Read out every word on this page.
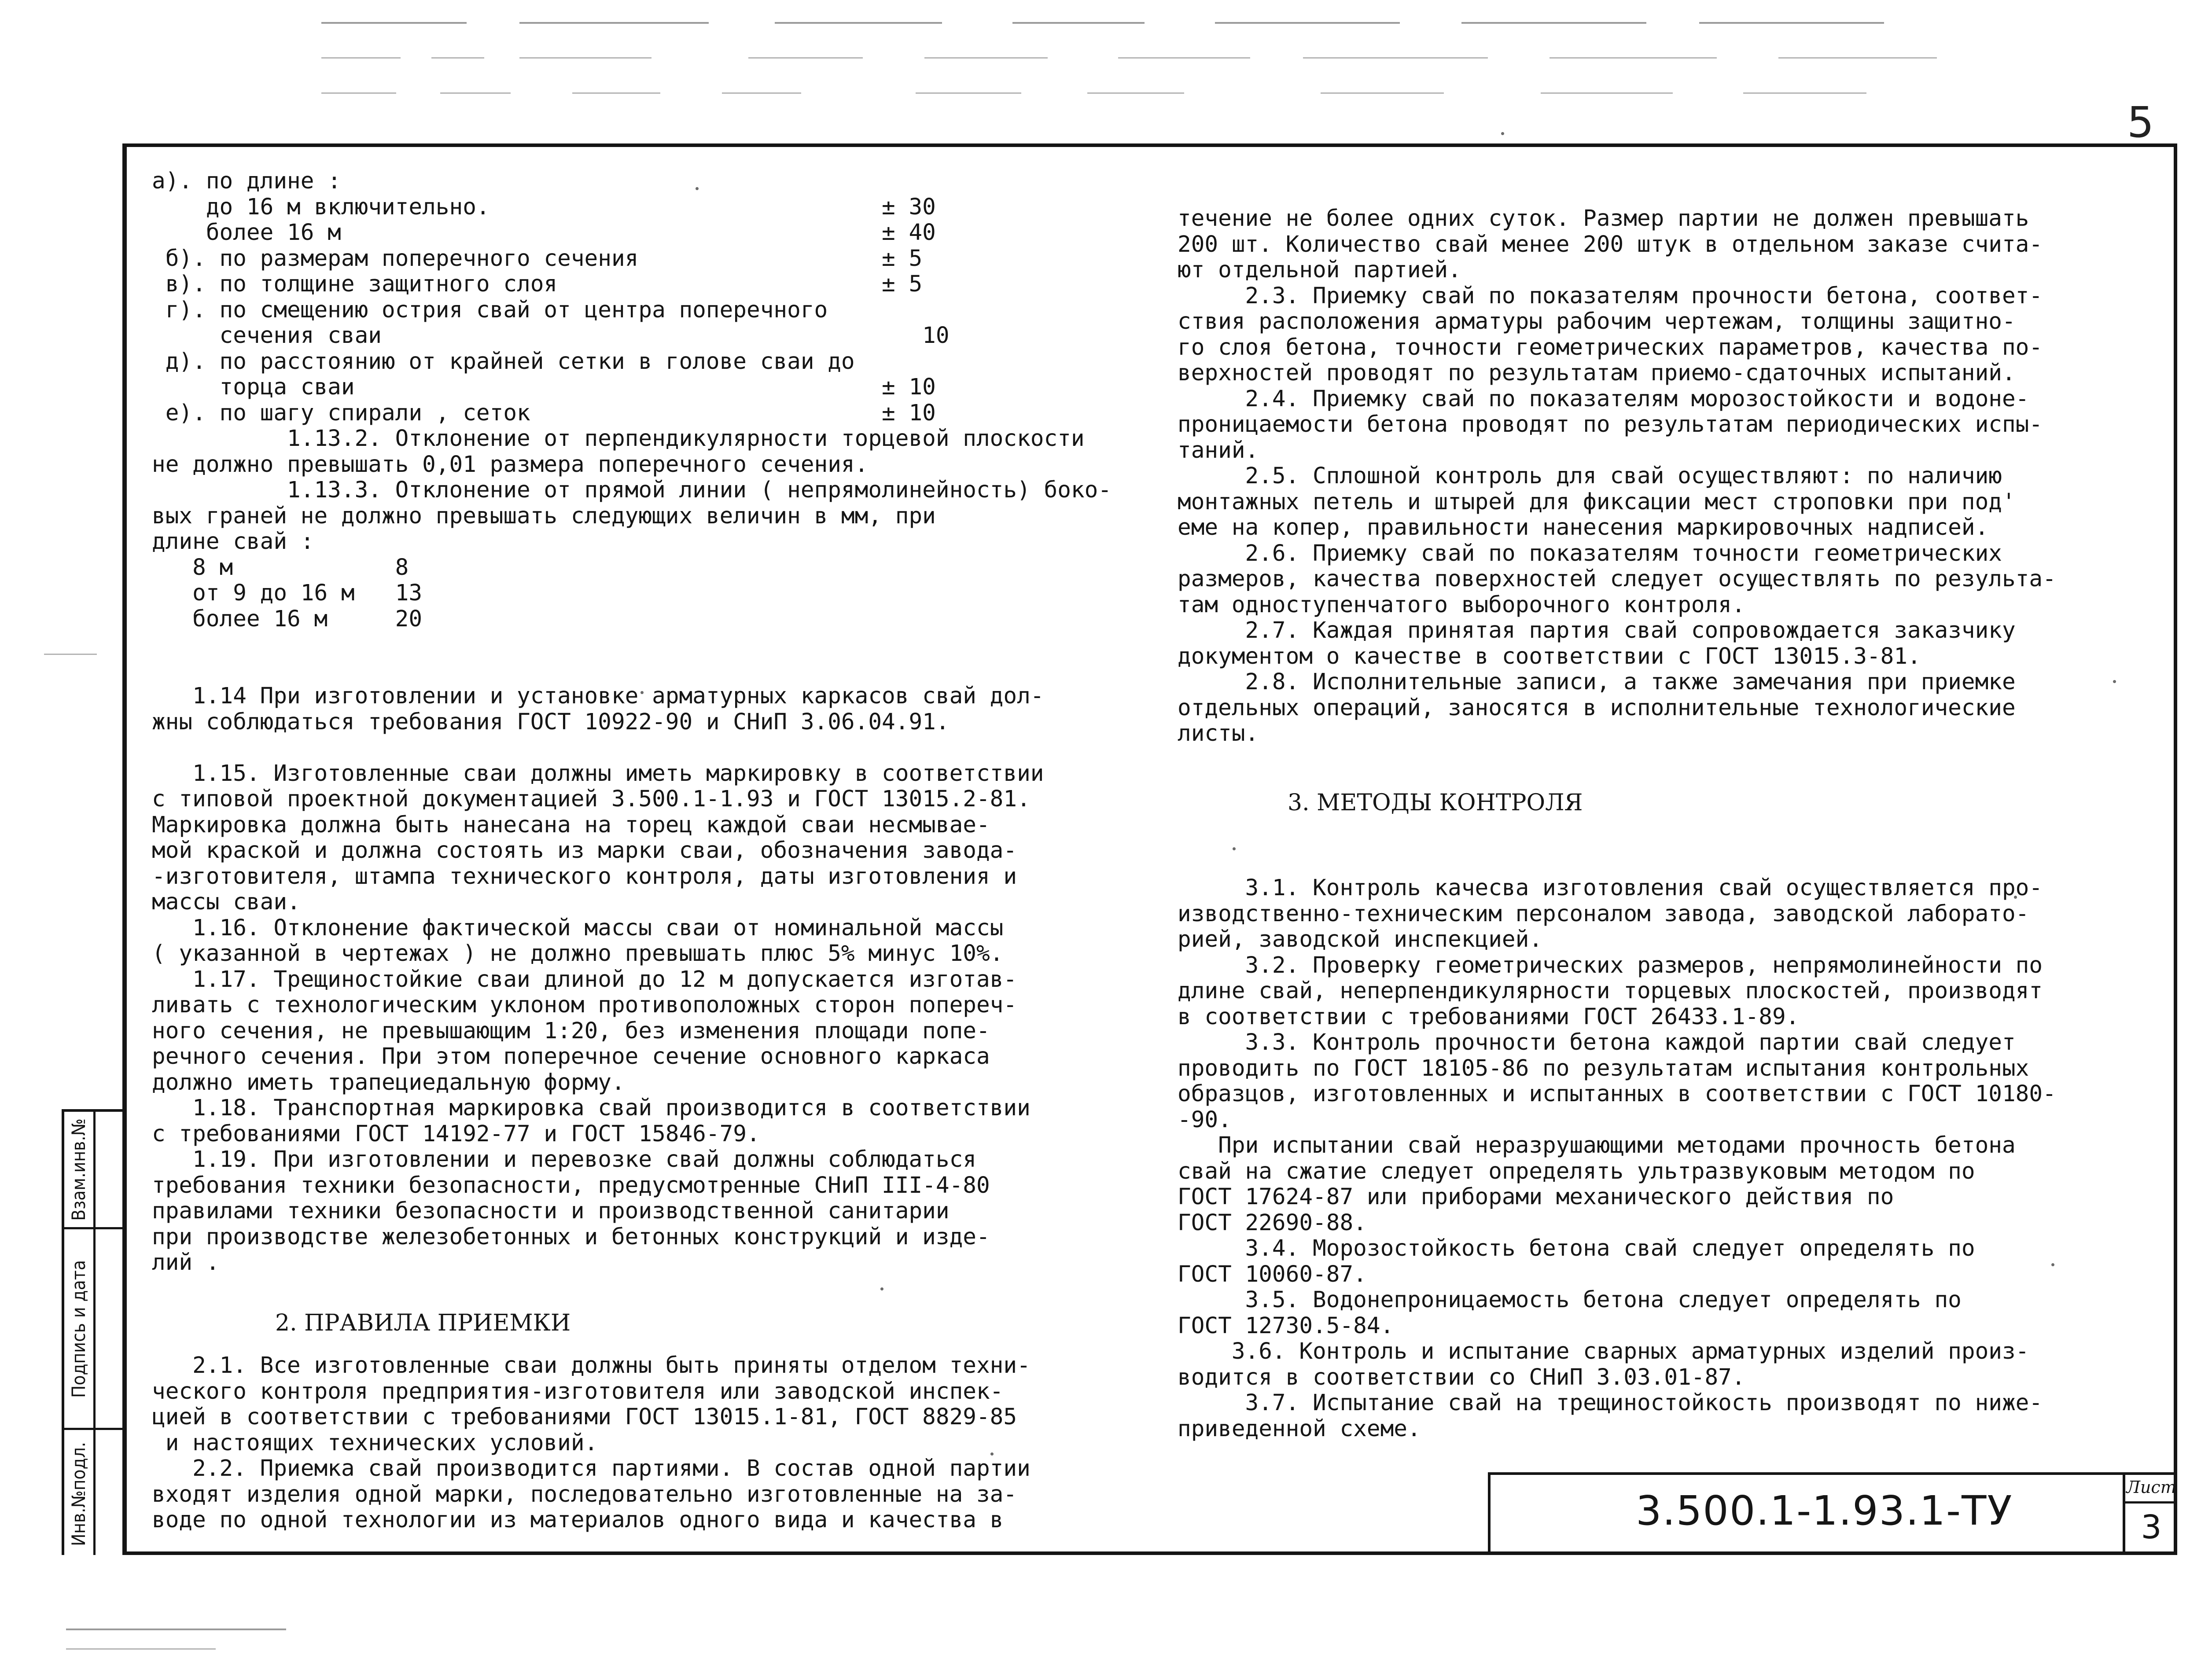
5
Взам.инв.№
Подпись и дата
Инв.№подл.
а). по длине :
до 16 м включительно.                             ± 30
более 16 м                                        ± 40
б). по размерам поперечного сечения                  ± 5
в). по толщине защитного слоя                        ± 5
г). по смещению острия свай от центра поперечного
сечения сваи                                        10
д). по расстоянию от крайней сетки в голове сваи до
торца сваи                                       ± 10
е). по шагу спирали , сеток                          ± 10
1.13.2. Отклонение от перпендикулярности торцевой плоскости
не должно превышать 0,01 размера поперечного сечения.
1.13.3. Отклонение от прямой линии ( непрямолинейность) боко-
вых граней не должно превышать следующих величин в мм, при
длине свай :
8 м            8
от 9 до 16 м   13
более 16 м     20
1.14 При изготовлении и установке арматурных каркасов свай дол-
жны соблюдаться требования ГОСТ 10922-90 и СНиП 3.06.04.91.
1.15. Изготовленные сваи должны иметь маркировку в соответствии
с типовой проектной документацией 3.500.1-1.93 и ГОСТ 13015.2-81.
Маркировка должна быть нанесана на торец каждой сваи несмывае-
мой краской и должна состоять из марки сваи, обозначения завода-
-изготовителя, штампа технического контроля, даты изготовления и
массы сваи.
1.16. Отклонение фактической массы сваи от номинальной массы
( указанной в чертежах ) не должно превышать плюс 5% минус 10%.
1.17. Трещиностойкие сваи длиной до 12 м допускается изготав-
ливать с технологическим уклоном противоположных сторон попереч-
ного сечения, не превышающим 1:20, без изменения площади попе-
речного сечения. При этом поперечное сечение основного каркаса
должно иметь трапециедальную форму.
1.18. Транспортная маркировка свай производится в соответствии
с требованиями ГОСТ 14192-77 и ГОСТ 15846-79.
1.19. При изготовлении и перевозке свай должны соблюдаться
требования техники безопасности, предусмотренные СНиП III-4-80
правилами техники безопасности и производственной санитарии
при производстве железобетонных и бетонных конструкций и изде-
лий .
2.1. Все изготовленные сваи должны быть приняты отделом техни-
ческого контроля предприятия-изготовителя или заводской инспек-
цией в соответствии с требованиями ГОСТ 13015.1-81, ГОСТ 8829-85
и настоящих технических условий.
2.2. Приемка свай производится партиями. В состав одной партии
входят изделия одной марки, последовательно изготовленные на за-
воде по одной технологии из материалов одного вида и качества в
2. ПРАВИЛА ПРИЕМКИ
3. МЕТОДЫ КОНТРОЛЯ
течение не более одних суток. Размер партии не должен превышать
200 шт. Количество свай менее 200 штук в отдельном заказе счита-
ют отдельной партией.
2.3. Приемку свай по показателям прочности бетона, соответ-
ствия расположения арматуры рабочим чертежам, толщины защитно-
го слоя бетона, точности геометрических параметров, качества по-
верхностей проводят по результатам приемо-сдаточных испытаний.
2.4. Приемку свай по показателям морозостойкости и водоне-
проницаемости бетона проводят по результатам периодических испы-
таний.
2.5. Сплошной контроль для свай осуществляют: по наличию
монтажных петель и штырей для фиксации мест строповки при под'
еме на копер, правильности нанесения маркировочных надписей.
2.6. Приемку свай по показателям точности геометрических
размеров, качества поверхностей следует осуществлять по результа-
там одноступенчатого выборочного контроля.
2.7. Каждая принятая партия свай сопровождается заказчику
документом о качестве в соответствии с ГОСТ 13015.3-81.
2.8. Исполнительные записи, а также замечания при приемке
отдельных операций, заносятся в исполнительные технологические
листы.
3.1. Контроль качесва изготовления свай осуществляется про-
изводственно-техническим персоналом завода, заводской лаборато-
рией, заводской инспекцией.
3.2. Проверку геометрических размеров, непрямолинейности по
длине свай, неперпендикулярности торцевых плоскостей, производят
в соответствии с требованиями ГОСТ 26433.1-89.
3.3. Контроль прочности бетона каждой партии свай следует
проводить по ГОСТ 18105-86 по результатам испытания контрольных
образцов, изготовленных и испытанных в соответствии с ГОСТ 10180-
-90.
При испытании свай неразрушающими методами прочность бетона
свай на сжатие следует определять ультразвуковым методом по
ГОСТ 17624-87 или приборами механического действия по
ГОСТ 22690-88.
3.4. Морозостойкость бетона свай следует определять по
ГОСТ 10060-87.
3.5. Водонепроницаемость бетона следует определять по
ГОСТ 12730.5-84.
3.6. Контроль и испытание сварных арматурных изделий произ-
водится в соответствии со СНиП 3.03.01-87.
3.7. Испытание свай на трещиностойкость производят по ниже-
приведенной схеме.
3.500.1-1.93.1-ТУ	Лист
3
